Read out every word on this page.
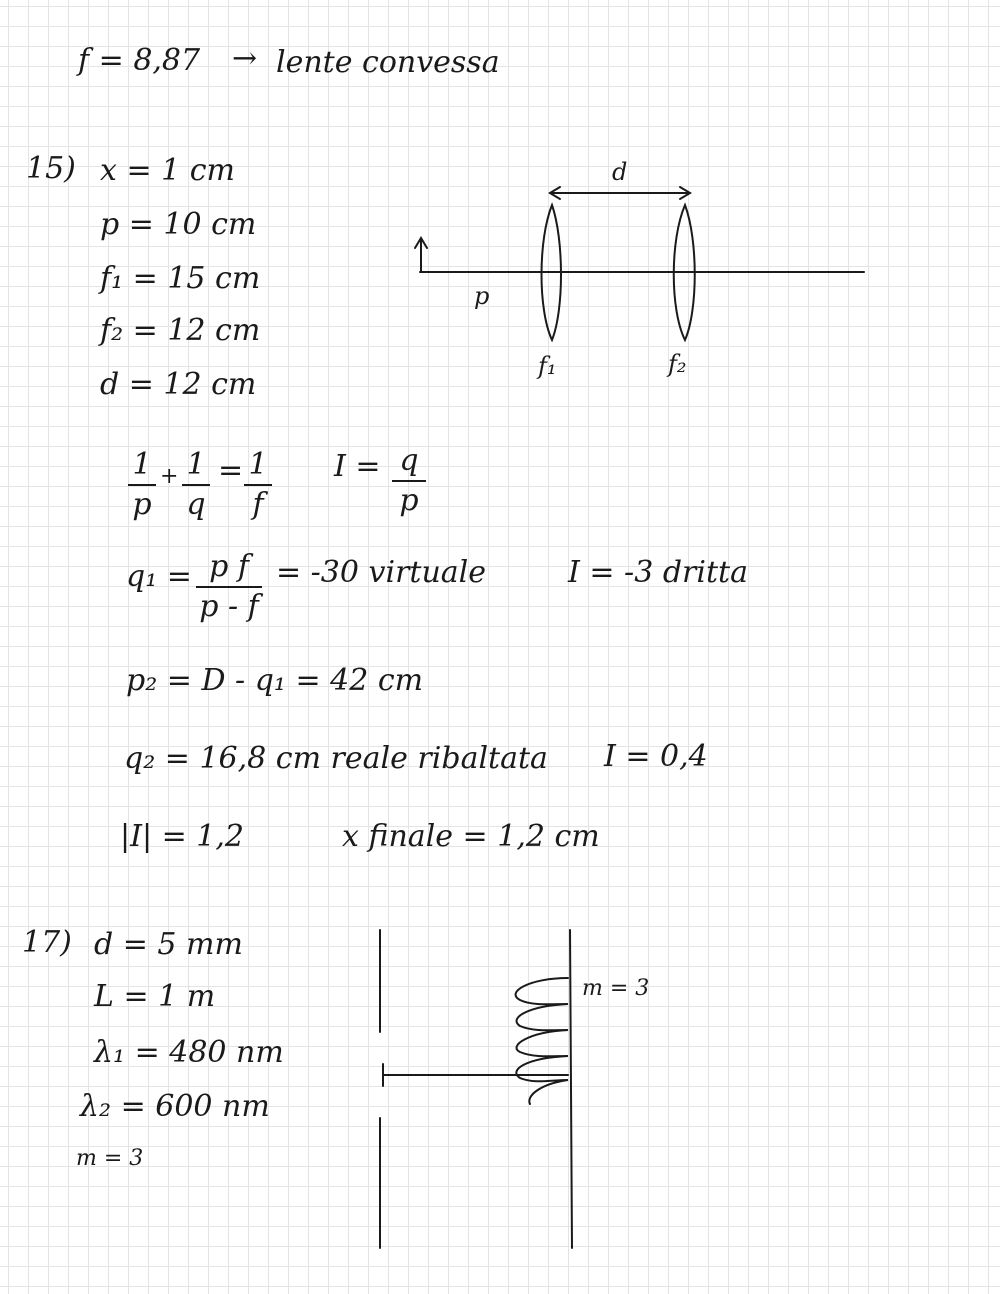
f = 8,87 → lente convessa
15) x = 1 cm
p = 10 cm
f₁ = 15 cm
f₂ = 12 cm
d = 12 cm
d
p
f₁	f₂
1
p
+ 1
q
= 1
f
I = q
p
q₁ = p f
p - f
= -30 virtuale	I = -3 dritta
p₂ = D - q₁ = 42 cm
q₂ = 16,8 cm reale ribaltata I = 0,4
|I| = 1,2	x finale = 1,2 cm
17) d = 5 mm
L = 1 m
λ₁ = 480 nm
λ₂ = 600 nm
m = 3
m = 3
